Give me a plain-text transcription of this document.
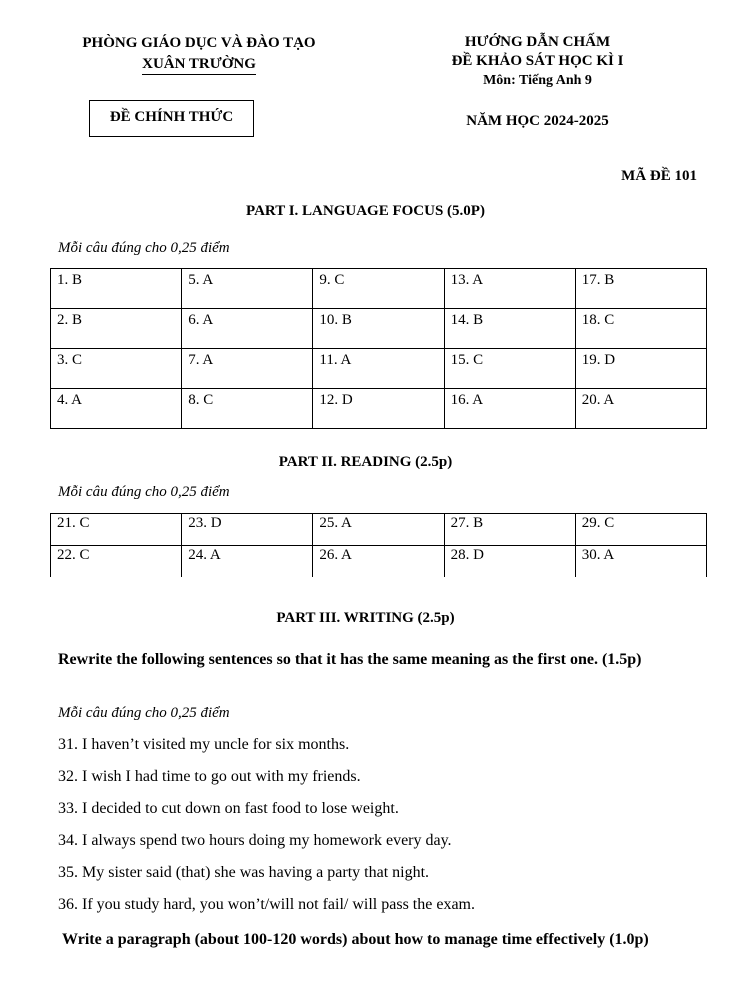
PHÒNG GIÁO DỤC VÀ ĐÀO TẠO
XUÂN TRƯỜNG
ĐỀ CHÍNH THỨC
HƯỚNG DẪN CHẤM
ĐỀ KHẢO SÁT HỌC KÌ I
Môn: Tiếng Anh 9
NĂM HỌC 2024-2025
MÃ ĐỀ 101
PART I. LANGUAGE FOCUS (5.0P)
Mỗi câu đúng cho 0,25 điểm
1. B	5. A	9. C	13. A	17. B
2. B	6. A	10. B	14. B	18. C
3. C	7. A	11. A	15. C	19. D
4. A	8. C	12. D	16. A	20. A
PART II. READING (2.5p)
Mỗi câu đúng cho 0,25 điểm
21. C	23. D	25. A	27. B	29. C
22. C	24. A	26. A	28. D	30. A
PART III. WRITING (2.5p)
Rewrite the following sentences so that it has the same meaning as the first one. (1.5p)
Mỗi câu đúng cho 0,25 điểm
31. I haven’t visited my uncle for six months.
32. I wish I had time to go out with my friends.
33. I decided to cut down on fast food to lose weight.
34. I always spend two hours doing my homework every day.
35. My sister said (that) she was having a party that night.
36. If you study hard, you won’t/will not fail/ will pass the exam.
Write a paragraph (about 100-120 words) about how to manage time effectively (1.0p)
